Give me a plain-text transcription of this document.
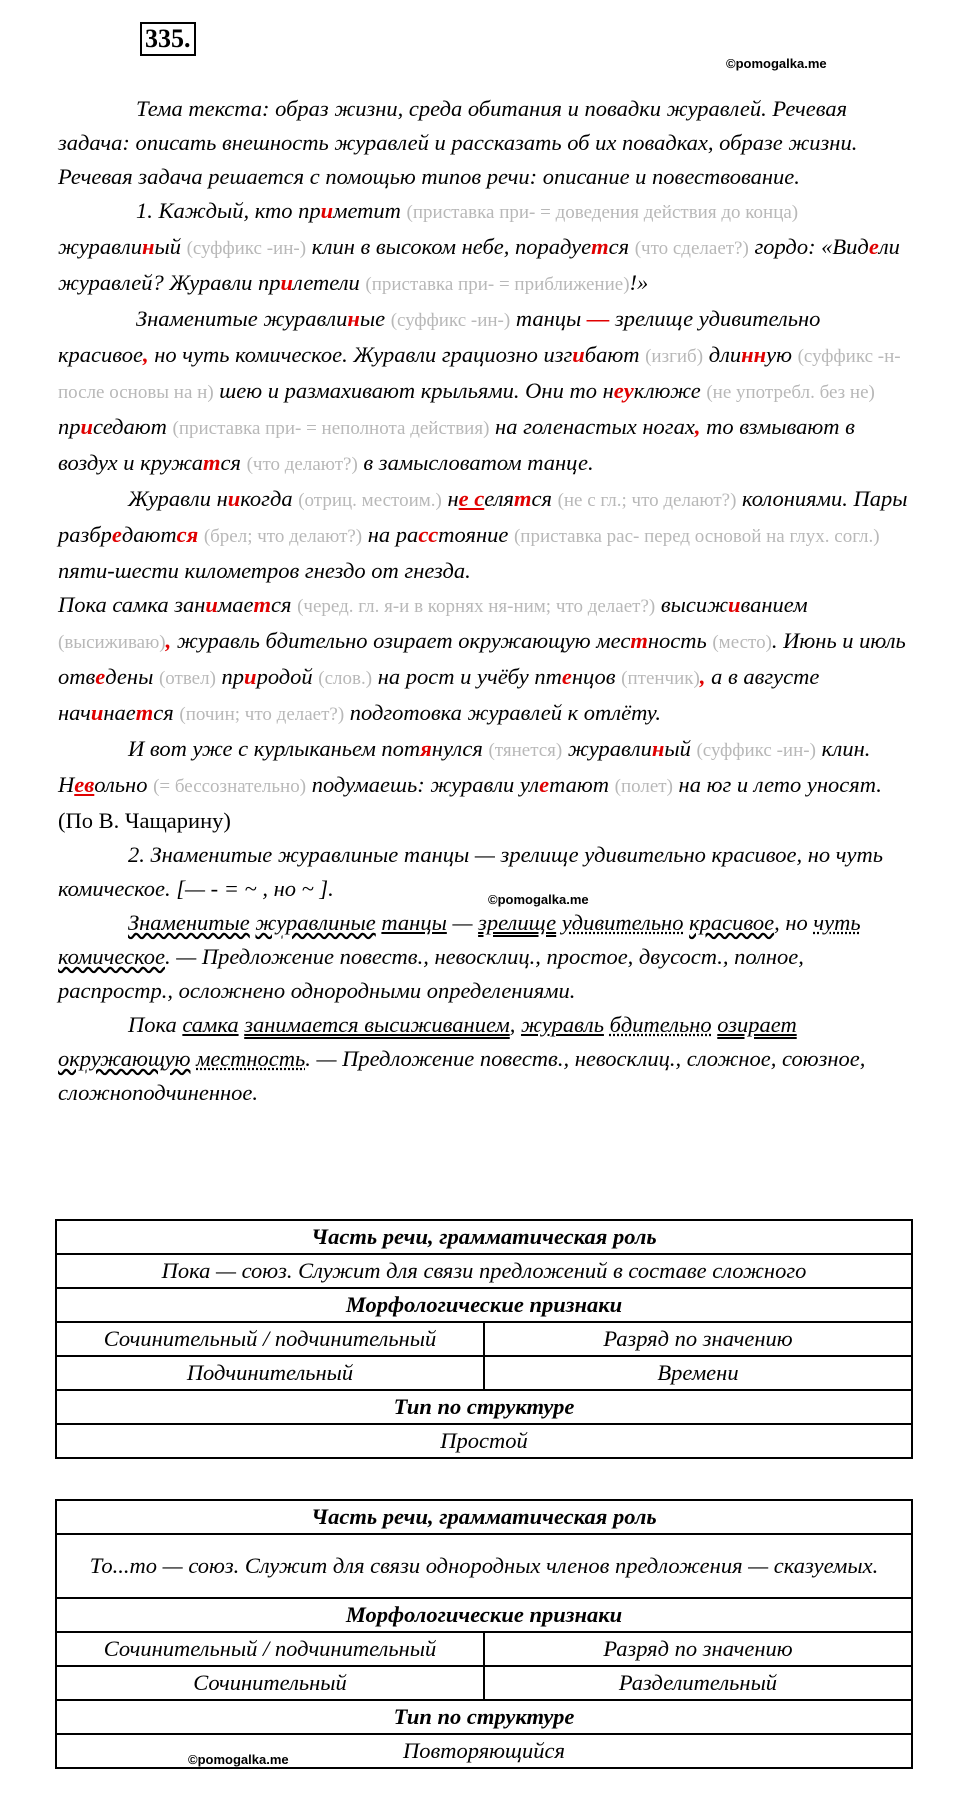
335.
©pomogalka.me

Тема текста: образ жизни, среда обитания и повадки журавлей. Речевая задача: описать внешность журавлей и рассказать об их повадках, образе жизни. Речевая задача решается с помощью типов речи: описание и повествование.

1. Каждый, кто приметит (приставка при- = доведения действия до конца) журавлиный (суффикс -ин-) клин в высоком небе, порадуется (что сделает?) гордо: «Видели журавлей? Журавли прилетели (приставка при- = приближение)!»

Знаменитые журавлиные (суффикс -ин-) танцы — зрелище удивительно красивое, но чуть комическое. Журавли грациозно изгибают (изгиб) длинную (суффикс -н- после основы на н) шею и размахивают крыльями. Они то неуклюже (не употребл. без не) приседают (приставка при- = неполнота действия) на голенастых ногах, то взмывают в воздух и кружатся (что делают?) в замысловатом танце.

Журавли никогда (отриц. местоим.) не селятся (не с гл.; что делают?) колониями. Пары разбредаются (брел; что делают?) на расстояние (приставка рас- перед основой на глух. согл.) пяти-шести километров гнездо от гнезда.

Пока самка занимается (черед. гл. я-и в корнях ня-ним; что делает?) высиживанием (высиживаю), журавль бдительно озирает окружающую местность (место). Июнь и июль отведены (отвел) природой (слов.) на рост и учёбу птенцов (птенчик), а в августе начинается (почин; что делает?) подготовка журавлей к отлёту.

И вот уже с курлыканьем потянулся (тянется) журавлиный (суффикс -ин-) клин. Невольно (= бессознательно) подумаешь: журавли улетают (полет) на юг и лето уносят. (По В. Чащарину)

2. Знаменитые журавлиные танцы — зрелище удивительно красивое, но чуть комическое. [— - = ~ , но ~ ].

Знаменитые журавлиные танцы — зрелище удивительно красивое, но чуть комическое. — Предложение повеств., невосклиц., простое, двусост., полное, распростр., осложнено однородными определениями.

Пока самка занимается высиживанием, журавль бдительно озирает окружающую местность. — Предложение повеств., невосклиц., сложное, союзное, сложноподчиненное.

©pomogalka.me
Часть речи, грамматическая роль	
Пока — союз. Служит для связи предложений в составе сложного	
Морфологические признаки	
Сочинительный / подчинительный	Разряд по значению
Подчинительный	Времени
Тип по структуре	
Простой	
Часть речи, грамматическая роль	
То...то — союз. Служит для связи однородных членов предложения — сказуемых.	
Морфологические признаки	
Сочинительный / подчинительный	Разряд по значению
Сочинительный	Разделительный
Тип по структуре	
Повторяющийся	
©pomogalka.me
